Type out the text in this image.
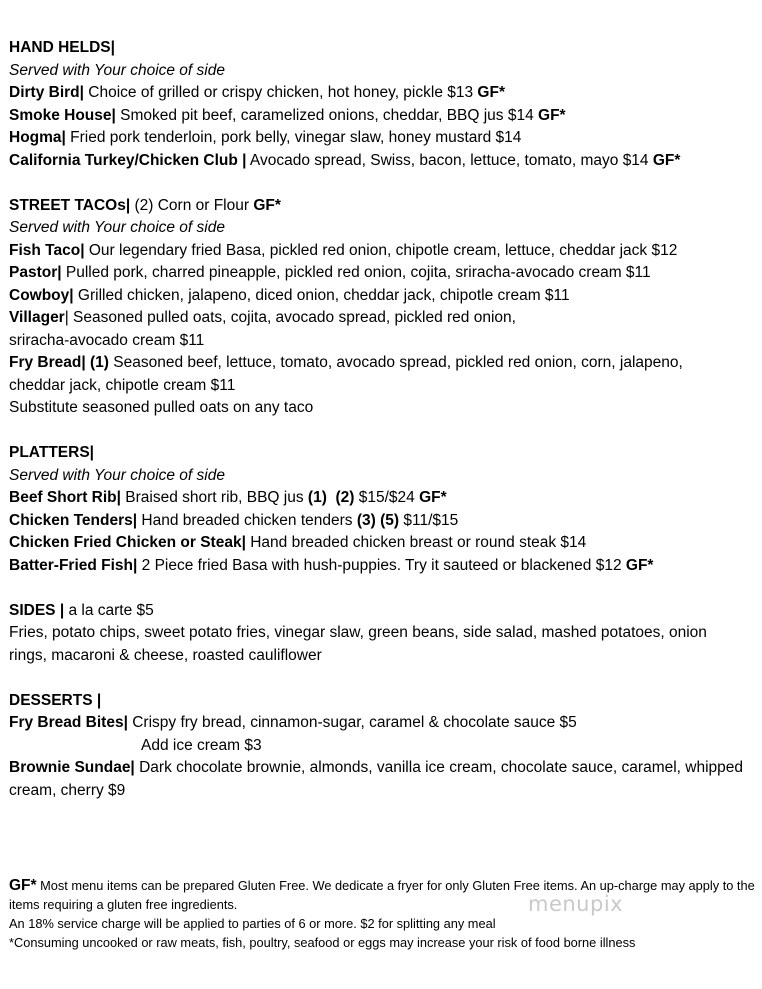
HAND HELDS|
Served with Your choice of side
Dirty Bird| Choice of grilled or crispy chicken, hot honey, pickle $13 GF*
Smoke House| Smoked pit beef, caramelized onions, cheddar, BBQ jus $14 GF*
Hogma| Fried pork tenderloin, pork belly, vinegar slaw, honey mustard $14
California Turkey/Chicken Club | Avocado spread, Swiss, bacon, lettuce, tomato, mayo $14 GF*
STREET TACOs| (2) Corn or Flour GF*
Served with Your choice of side
Fish Taco| Our legendary fried Basa, pickled red onion, chipotle cream, lettuce, cheddar jack $12
Pastor| Pulled pork, charred pineapple, pickled red onion, cojita, sriracha-avocado cream $11
Cowboy| Grilled chicken, jalapeno, diced onion, cheddar jack, chipotle cream $11
Villager| Seasoned pulled oats, cojita, avocado spread, pickled red onion,
sriracha-avocado cream $11
Fry Bread| (1) Seasoned beef, lettuce, tomato, avocado spread, pickled red onion, corn, jalapeno,
cheddar jack, chipotle cream $11
Substitute seasoned pulled oats on any taco
PLATTERS|
Served with Your choice of side
Beef Short Rib| Braised short rib, BBQ jus (1) (2) $15/$24 GF*
Chicken Tenders| Hand breaded chicken tenders (3) (5) $11/$15
Chicken Fried Chicken or Steak| Hand breaded chicken breast or round steak $14
Batter-Fried Fish| 2 Piece fried Basa with hush-puppies. Try it sauteed or blackened $12 GF*
SIDES | a la carte $5
Fries, potato chips, sweet potato fries, vinegar slaw, green beans, side salad, mashed potatoes, onion rings, macaroni & cheese, roasted cauliflower
DESSERTS |
Fry Bread Bites| Crispy fry bread, cinnamon-sugar, caramel & chocolate sauce $5
Add ice cream $3
Brownie Sundae| Dark chocolate brownie, almonds, vanilla ice cream, chocolate sauce, caramel, whipped cream, cherry $9
GF* Most menu items can be prepared Gluten Free. We dedicate a fryer for only Gluten Free items. An up-charge may apply to the items requiring a gluten free ingredients.
An 18% service charge will be applied to parties of 6 or more. $2 for splitting any meal
*Consuming uncooked or raw meats, fish, poultry, seafood or eggs may increase your risk of food borne illness
menupix
